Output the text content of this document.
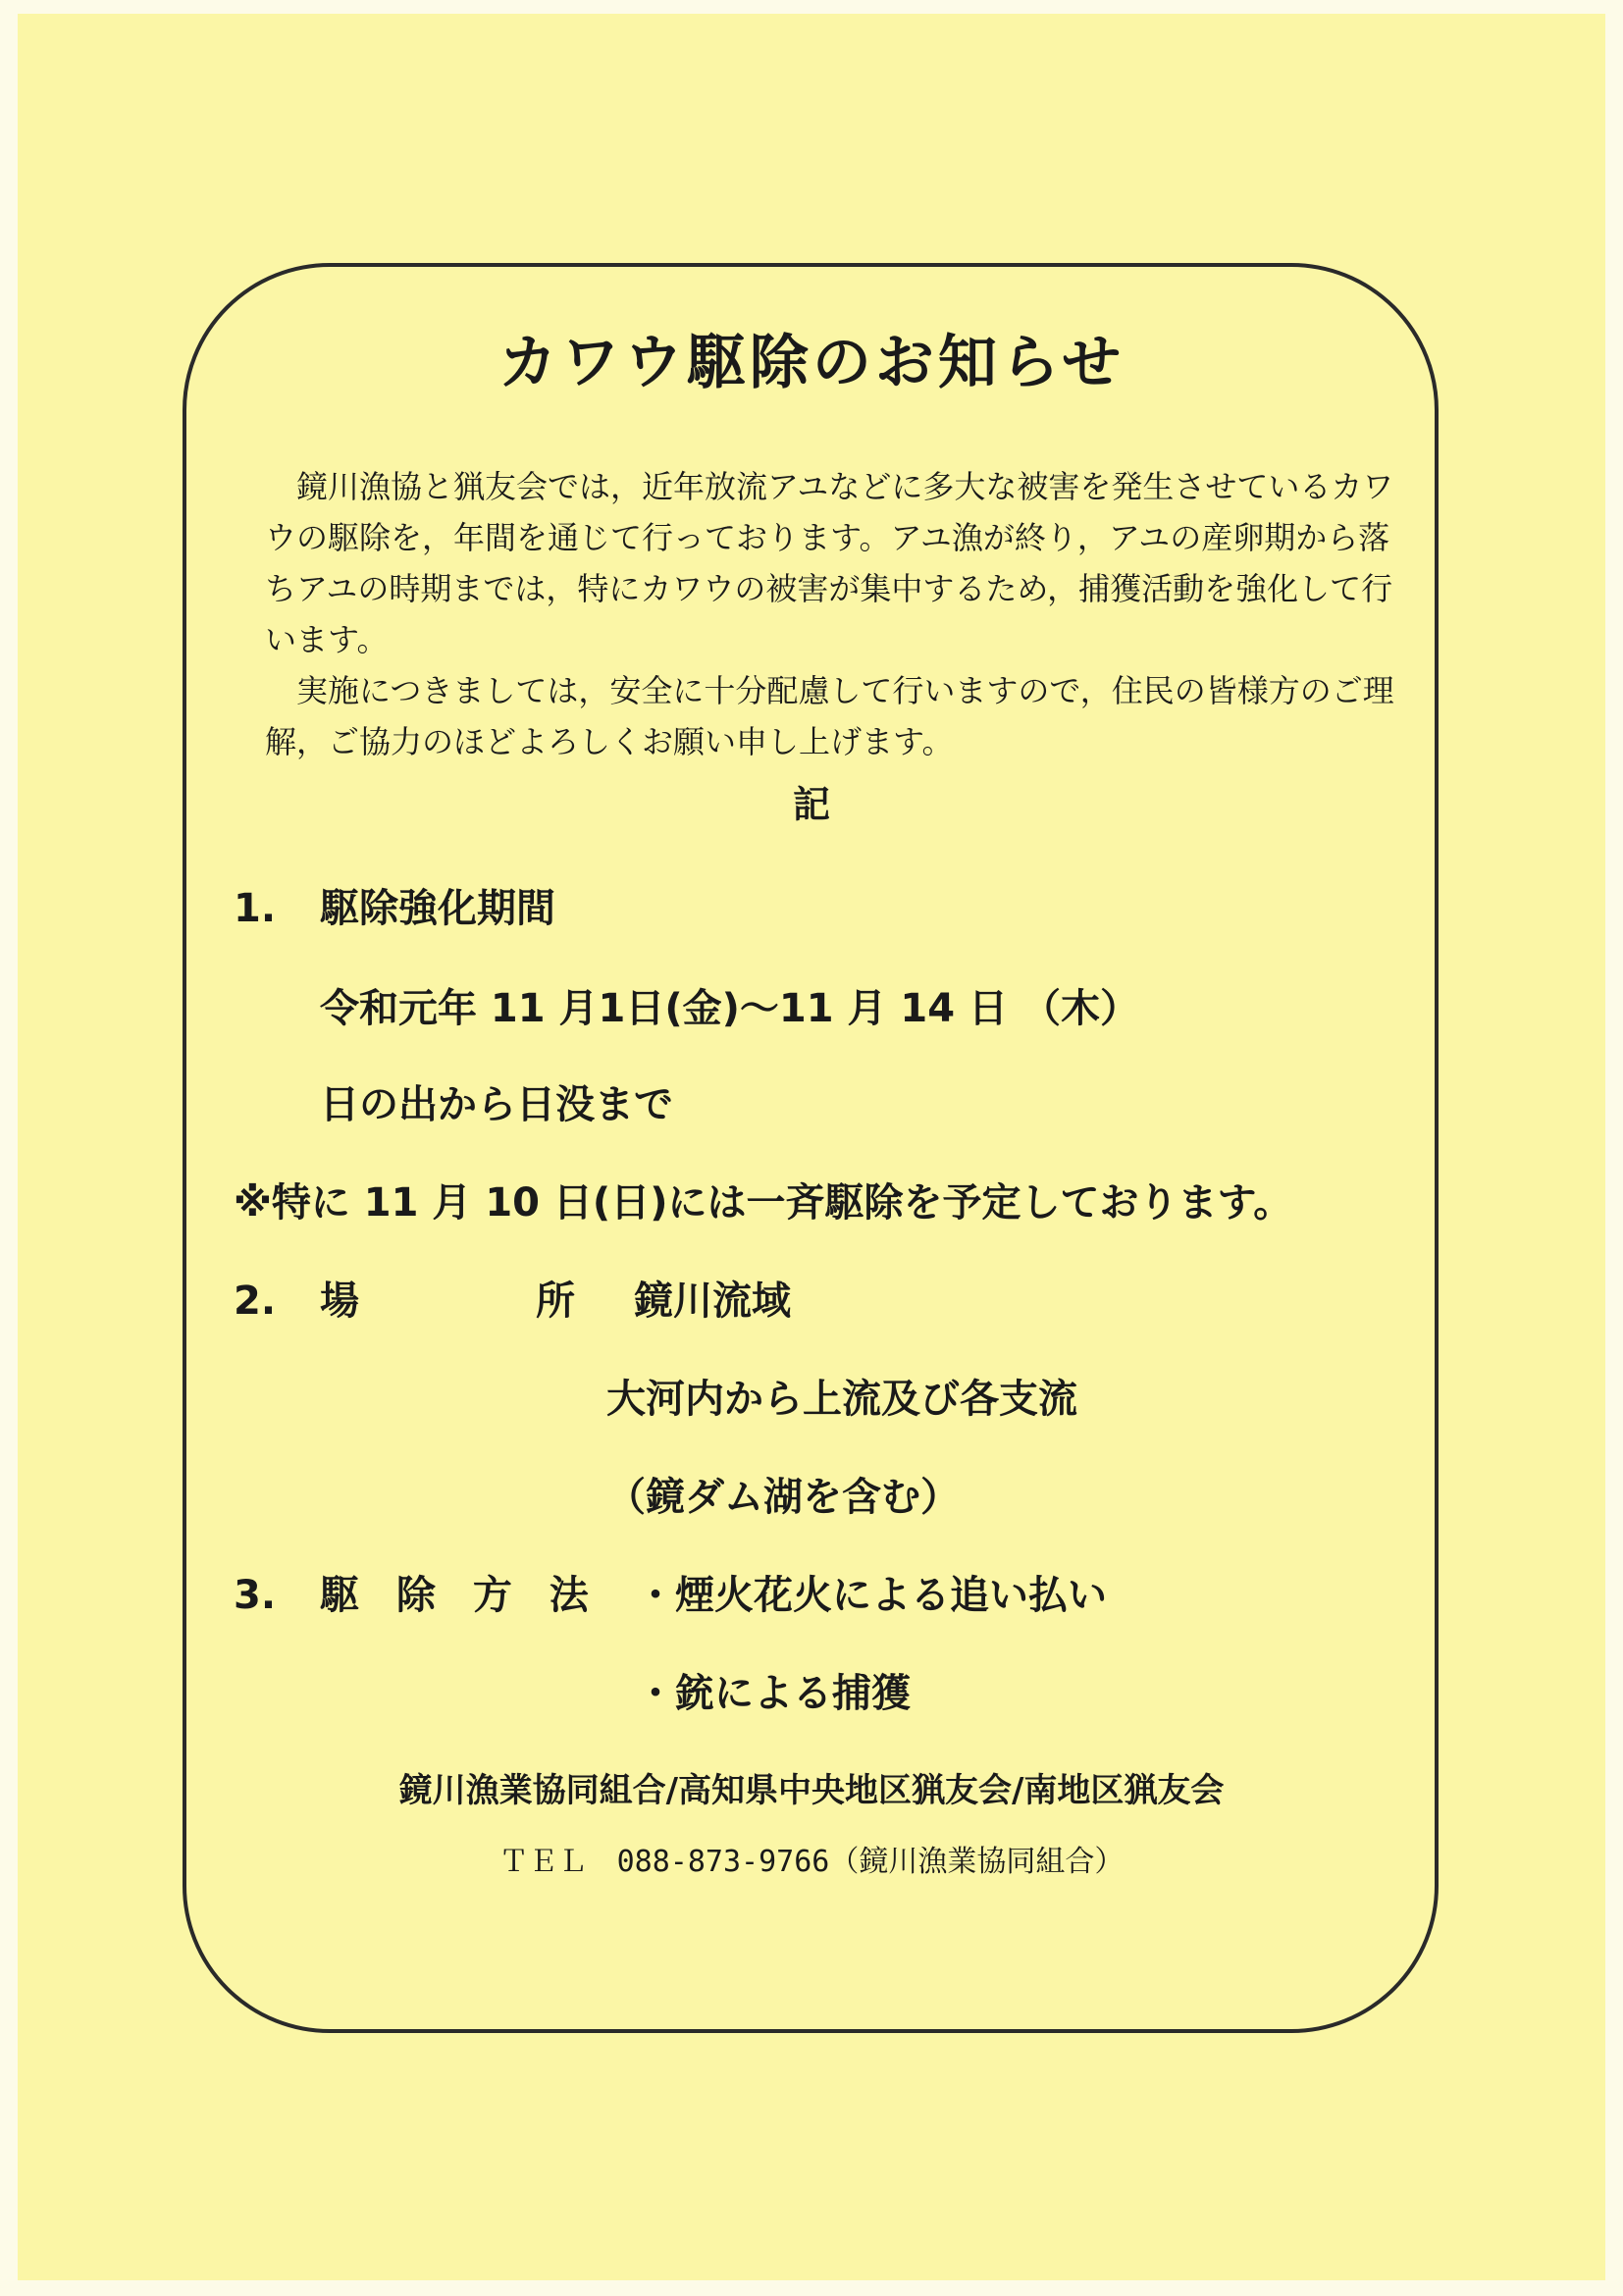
カワウ駆除のお知らせ

鏡川漁協と猟友会では，近年放流アユなどに多大な被害を発生させているカワウの駆除を，年間を通じて行っております。アユ漁が終り，アユの産卵期から落ちアユの時期までは，特にカワウの被害が集中するため，捕獲活動を強化して行います。

実施につきましては，安全に十分配慮して行いますので，住民の皆様方のご理解，ご協力のほどよろしくお願い申し上げます。

記
1. 駆除強化期間
令和元年 11 月1日(金)～11 月 14 日 （木）
日の出から日没まで
※特に 11 月 10 日(日)には一斉駆除を予定しております。
2. 場	所 鏡川流域
大河内から上流及び各支流
（鏡ダム湖を含む）
3. 駆 除 方 法 ・煙火花火による追い払い
・銃による捕獲
鏡川漁業協同組合/高知県中央地区猟友会/南地区猟友会
ＴＥＬ　088-873-9766（鏡川漁業協同組合）
